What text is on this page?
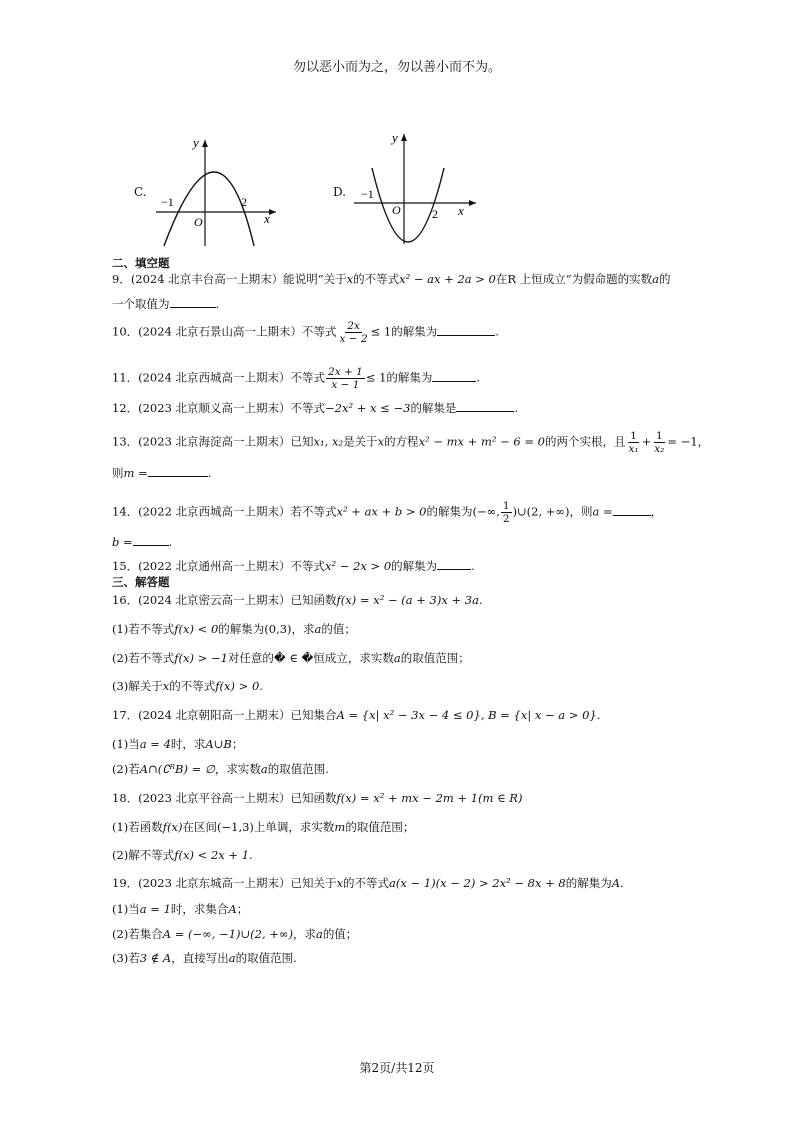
勿以恶小而为之，勿以善小而不为。
C.
y
x
O
−1	2
D.
y
x
O
−1
2
二、填空题
9．(2024 北京丰台高一上期末）能说明“关于x的不等式x² − ax + 2a > 0在R 上恒成立”为假命题的实数a的
一个取值为	.
10．(2024 北京石景山高一上期末）不等式 $\frac{2x}{x - 2} \le 1$的解集为	.
11．(2024 北京西城高一上期末）不等式 $\frac{2x + 1}{x - 1} \le 1$的解集为	.
12．(2023 北京顺义高一上期末）不等式−2x² + x ≤ −3的解集是	.
13．(2023 北京海淀高一上期末）已知x₁, x₂是关于x的方程x² − mx + m² − 6 = 0的两个实根，且 $\frac{1}{\text{x₁}} + \frac{1}{\text{x₂}} = -1$，
则m =	.
14．(2022 北京西城高一上期末）若不等式x² + ax + b > 0的解集为(−∞, $\frac{1}{2}$ )∪(2, +∞)，则a =	，
b =	.
15．(2022 北京通州高一上期末）不等式x² − 2x > 0的解集为	.
三、解答题
16．(2024 北京密云高一上期末）已知函数f(x) = x² − (a + 3)x + 3a.
(1)若不等式f(x) < 0的解集为(0,3)，求a的值；
(2)若不等式f(x) > −1对任意的� ∈ �恒成立，求实数a的取值范围；
(3)解关于x的不等式f(x) > 0.
17．(2024 北京朝阳高一上期末）已知集合A = {x| x² − 3x − 4 ≤ 0}, B = {x| x − a > 0}.
(1)当a = 4时，求A∪B；
(2)若A∩(∁ᴿB) = ∅，求实数a的取值范围.
18．(2023 北京平谷高一上期末）已知函数f(x) = x² + mx − 2m + 1(m ∈ R)
(1)若函数f(x)在区间(−1,3)上单调，求实数m的取值范围；
(2)解不等式f(x) < 2x + 1.
19．(2023 北京东城高一上期末）已知关于x的不等式a(x − 1)(x − 2) > 2x² − 8x + 8的解集为A.
(1)当a = 1时，求集合A；
(2)若集合A = (−∞, −1)∪(2, +∞)，求a的值；
(3)若3 ∉ A，直接写出a的取值范围.
第2页/共12页
